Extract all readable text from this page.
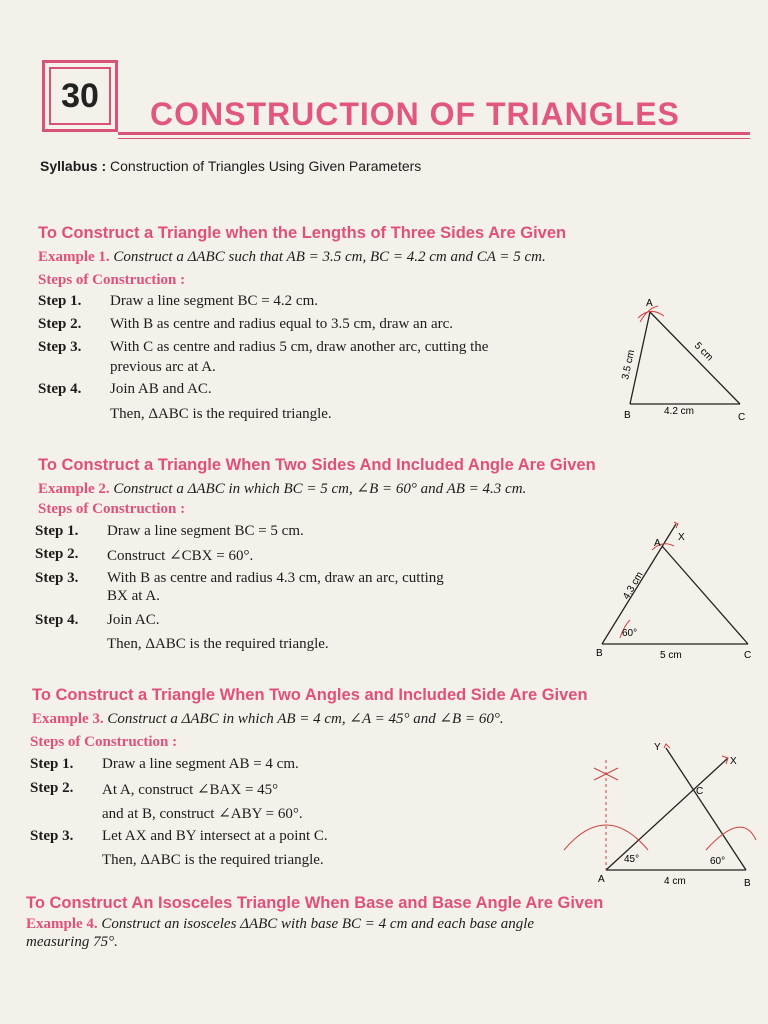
30	CONSTRUCTION OF TRIANGLES
Syllabus : Construction of Triangles Using Given Parameters
To Construct a Triangle when the Lengths of Three Sides Are Given
Example 1. Construct a ΔABC such that AB = 3.5 cm, BC = 4.2 cm and CA = 5 cm.
Steps of Construction :
Step 1. Draw a line segment BC = 4.2 cm.
Step 2. With B as centre and radius equal to 3.5 cm, draw an arc.
Step 3. With C as centre and radius 5 cm, draw another arc, cutting the
previous arc at A.
Step 4. Join AB and AC.
Then, ΔABC is the required triangle.
A
B	C
4.2 cm
3.5 cm	5 cm
To Construct a Triangle When Two Sides And Included Angle Are Given
Example 2. Construct a ΔABC in which BC = 5 cm, ∠B = 60° and AB = 4.3 cm.
Steps of Construction :
Step 1. Draw a line segment BC = 5 cm.
Step 2. Construct ∠CBX = 60°.
Step 3. With B as centre and radius 4.3 cm, draw an arc, cutting
BX at A.
Step 4. Join AC.
Then, ΔABC is the required triangle.
A
X
B	C
5 cm
60°
4.3 cm
To Construct a Triangle When Two Angles and Included Side Are Given
Example 3. Construct a ΔABC in which AB = 4 cm, ∠A = 45° and ∠B = 60°.
Steps of Construction :
Step 1. Draw a line segment AB = 4 cm.
Step 2. At A, construct ∠BAX = 45°
and at B, construct ∠ABY = 60°.
Step 3. Let AX and BY intersect at a point C.
Then, ΔABC is the required triangle.
X
Y
C
A	B
4 cm
45°	60°
To Construct An Isosceles Triangle When Base and Base Angle Are Given
Example 4. Construct an isosceles ΔABC with base BC = 4 cm and each base angle
measuring 75°.
